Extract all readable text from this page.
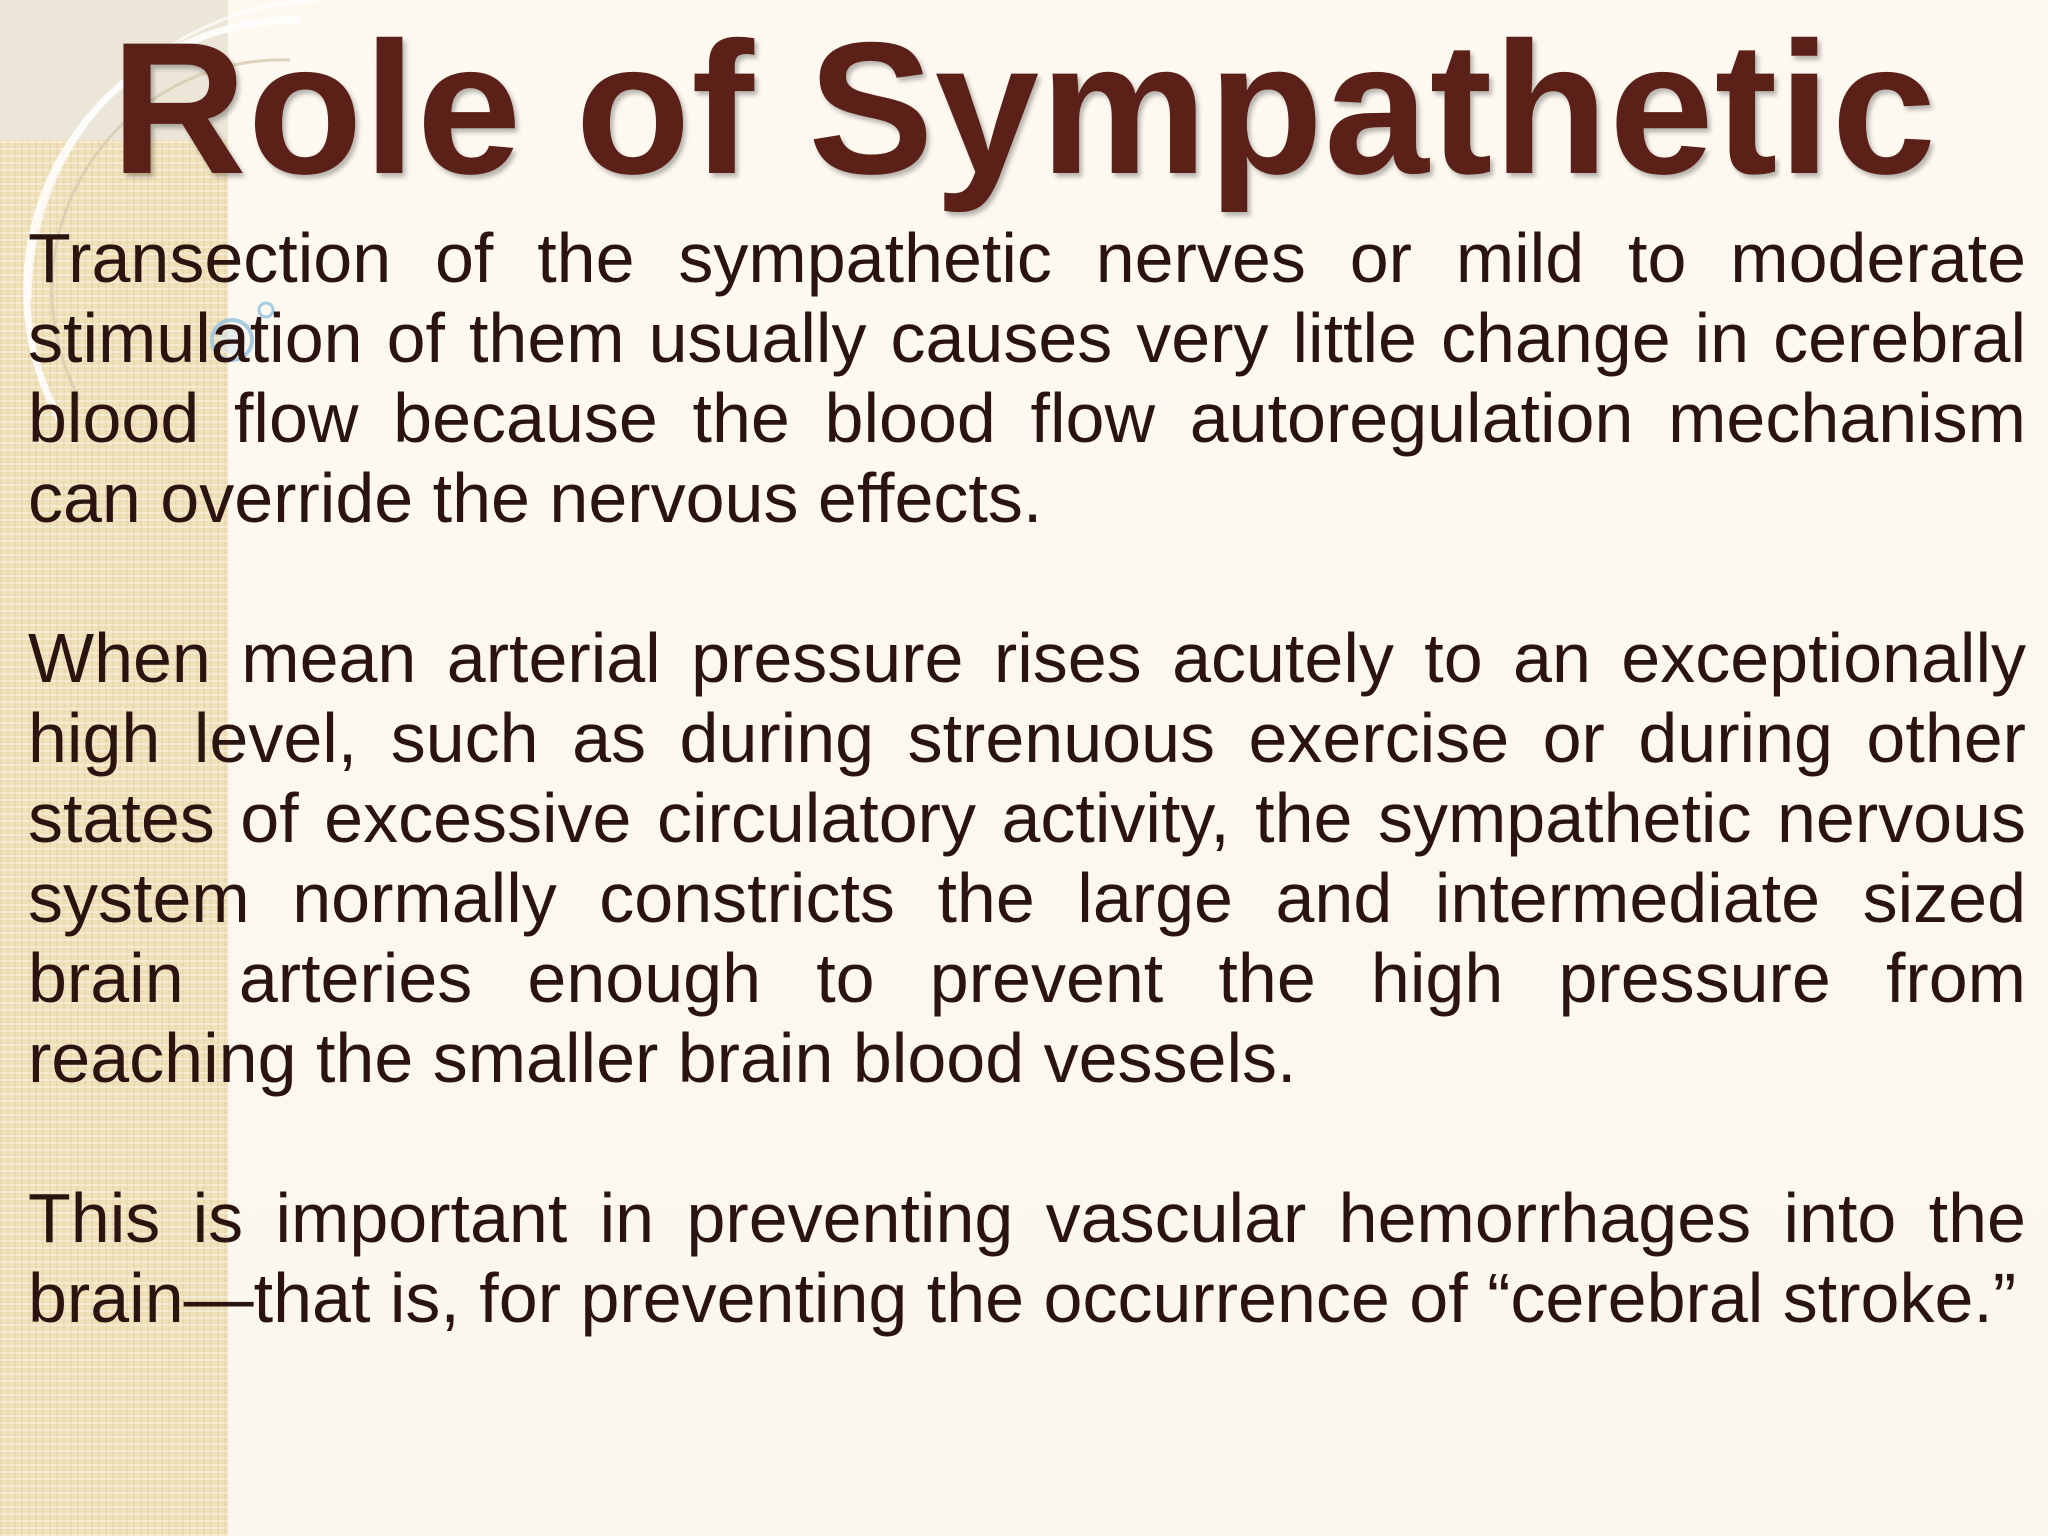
Role of Sympathetic

Transection of the sympathetic nerves or mild to moderate stimulation of them usually causes very little change in cerebral blood flow because the blood flow autoregulation mechanism can override the nervous effects.

When mean arterial pressure rises acutely to an exceptionally high level, such as during strenuous exercise or during other states of excessive circulatory activity, the sympathetic nervous system normally constricts the large and intermediate sized brain arteries enough to prevent the high pressure from reaching the smaller brain blood vessels.

This is important in preventing vascular hemorrhages into the brain—that is, for preventing the occurrence of “cerebral stroke.”
